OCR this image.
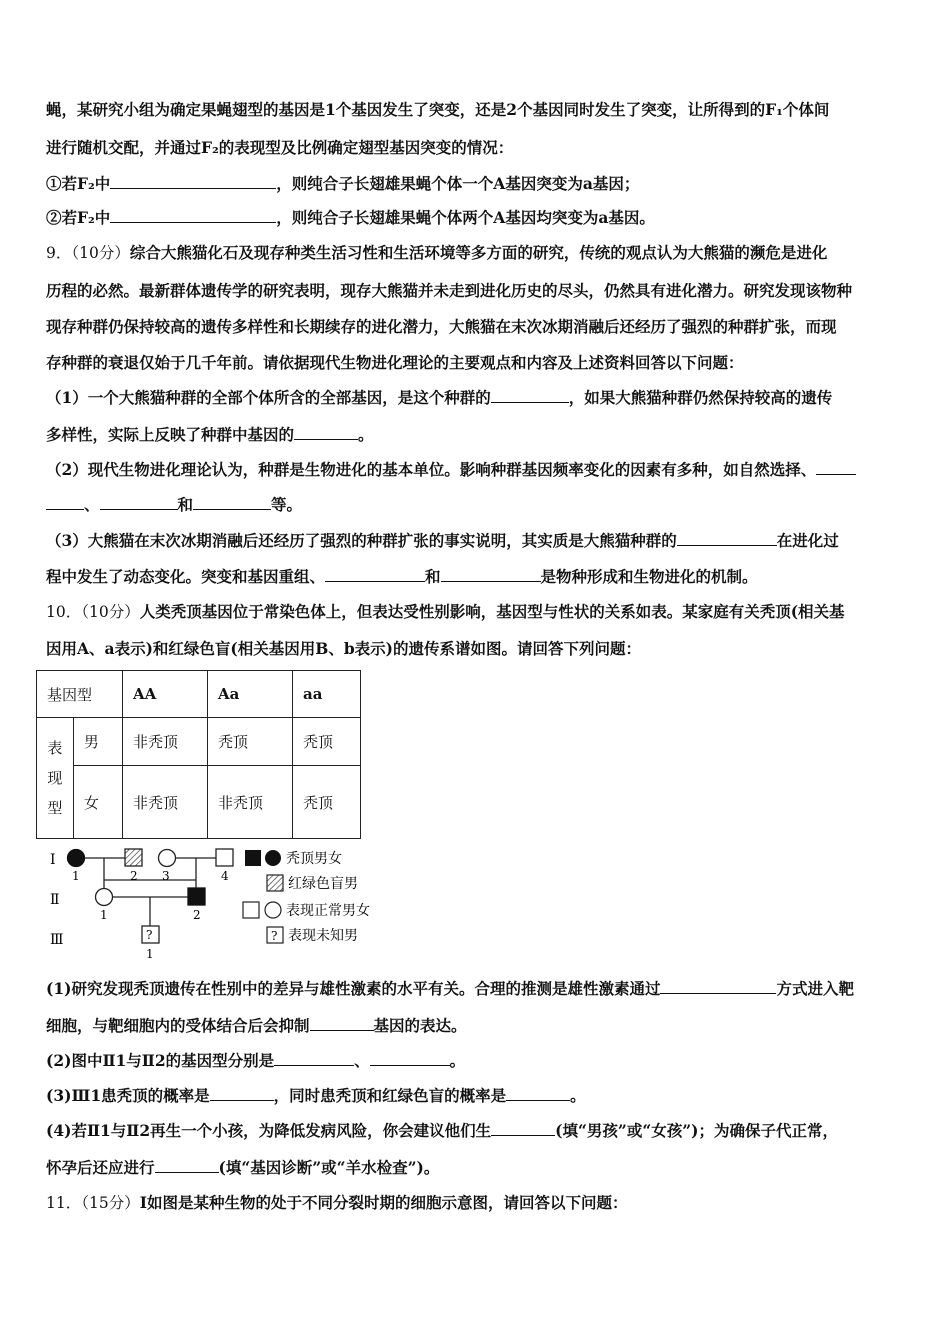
蝇，某研究小组为确定果蝇翅型的基因是1个基因发生了突变，还是2个基因同时发生了突变，让所得到的F₁个体间
进行随机交配，并通过F₂的表现型及比例确定翅型基因突变的情况：
①若F₂中	，则纯合子长翅雄果蝇个体一个A基因突变为a基因；
②若F₂中	，则纯合子长翅雄果蝇个体两个A基因均突变为a基因。
9．（10分）综合大熊猫化石及现存种类生活习性和生活环境等多方面的研究，传统的观点认为大熊猫的濒危是进化
历程的必然。最新群体遗传学的研究表明，现存大熊猫并未走到进化历史的尽头，仍然具有进化潜力。研究发现该物种
现存种群仍保持较高的遗传多样性和长期续存的进化潜力，大熊猫在末次冰期消融后还经历了强烈的种群扩张，而现
存种群的衰退仅始于几千年前。请依据现代生物进化理论的主要观点和内容及上述资料回答以下问题：
（1）一个大熊猫种群的全部个体所含的全部基因，是这个种群的	，如果大熊猫种群仍然保持较高的遗传
多样性，实际上反映了种群中基因的	。
（2）现代生物进化理论认为，种群是生物进化的基本单位。影响种群基因频率变化的因素有多种，如自然选择、
、	和	等。
（3）大熊猫在末次冰期消融后还经历了强烈的种群扩张的事实说明，其实质是大熊猫种群的	在进化过
程中发生了动态变化。突变和基因重组、	和	是物种形成和生物进化的机制。
10．（10分）人类秃顶基因位于常染色体上，但表达受性别影响，基因型与性状的关系如表。某家庭有关秃顶(相关基
因用A、a表示)和红绿色盲(相关基因用B、b表示)的遗传系谱如图。请回答下列问题：
基因型		AA	Aa	aa

表
现
型	男	非秃顶	秃顶	秃顶
	女	非秃顶	非秃顶	秃顶
Ⅰ
Ⅱ
Ⅲ
1	2 3	4
1	2
?
1
秃顶男女
红绿色盲男
表现正常男女
? 表现未知男
(1)研究发现秃顶遗传在性别中的差异与雄性激素的水平有关。合理的推测是雄性激素通过	方式进入靶
细胞，与靶细胞内的受体结合后会抑制	基因的表达。
(2)图中Ⅱ1与Ⅱ2的基因型分别是	、	。
(3)Ⅲ1患秃顶的概率是	，同时患秃顶和红绿色盲的概率是	。
(4)若Ⅱ1与Ⅱ2再生一个小孩，为降低发病风险，你会建议他们生	(填“男孩”或“女孩”)；为确保子代正常，
怀孕后还应进行	(填“基因诊断”或“羊水检查”)。
11．（15分）Ⅰ如图是某种生物的处于不同分裂时期的细胞示意图，请回答以下问题：
